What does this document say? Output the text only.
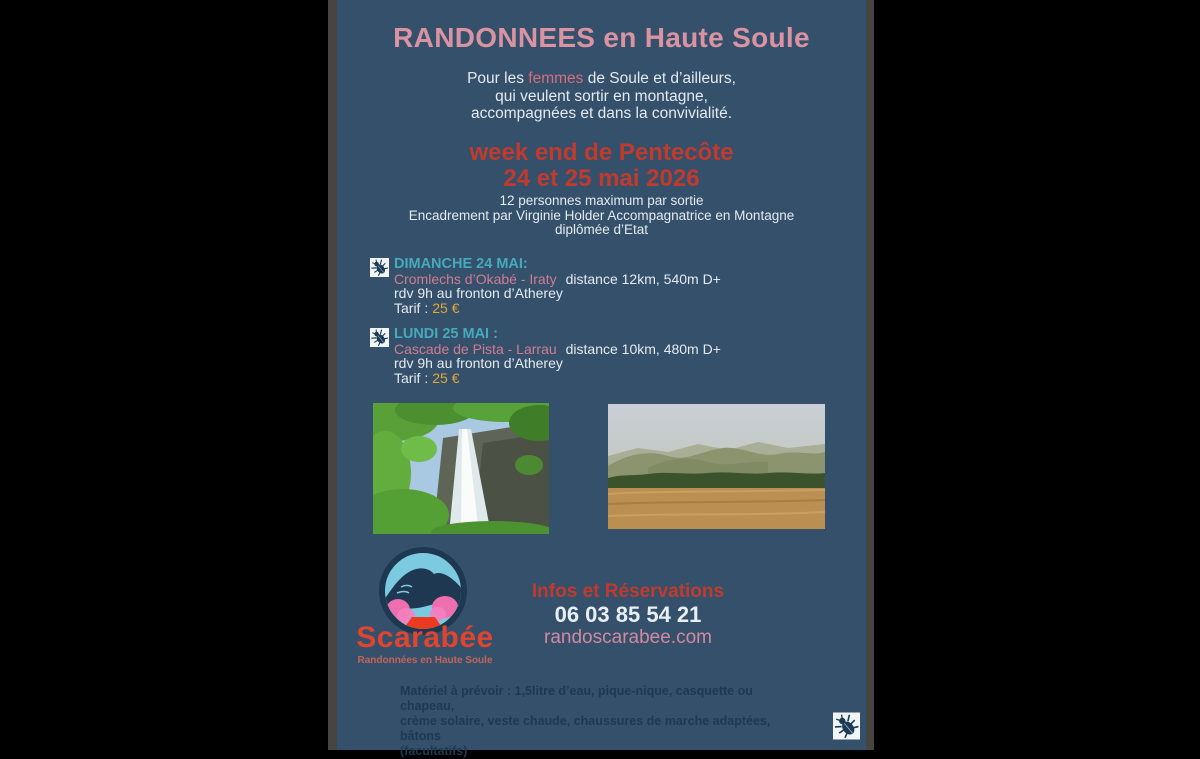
RANDONNEES en Haute Soule

Pour les femmes de Soule et d’ailleurs,
qui veulent sortir en montagne,
accompagnées et dans la convivialité.

week end de Pentecôte
24 et 25 mai 2026
12 personnes maximum par sortie
Encadrement par Virginie Holder Accompagnatrice en Montagne
diplômée d’Etat
DIMANCHE 24 MAI:
Cromlechs d’Okabé - Iraty distance 12km, 540m D+
rdv 9h au fronton d’Atherey
Tarif : 25 €
LUNDI 25 MAI :
Cascade de Pista - Larrau distance 10km, 480m D+
rdv 9h au fronton d’Atherey
Tarif : 25 €

Scarabée

Randonnées en Haute Soule

Infos et Réservations
06 03 85 54 21
randoscarabee.com
Matériel à prévoir : 1,5litre d’eau, pique-nique, casquette ou chapeau,
crème solaire, veste chaude, chaussures de marche adaptées, bâtons
(facultatifs)
